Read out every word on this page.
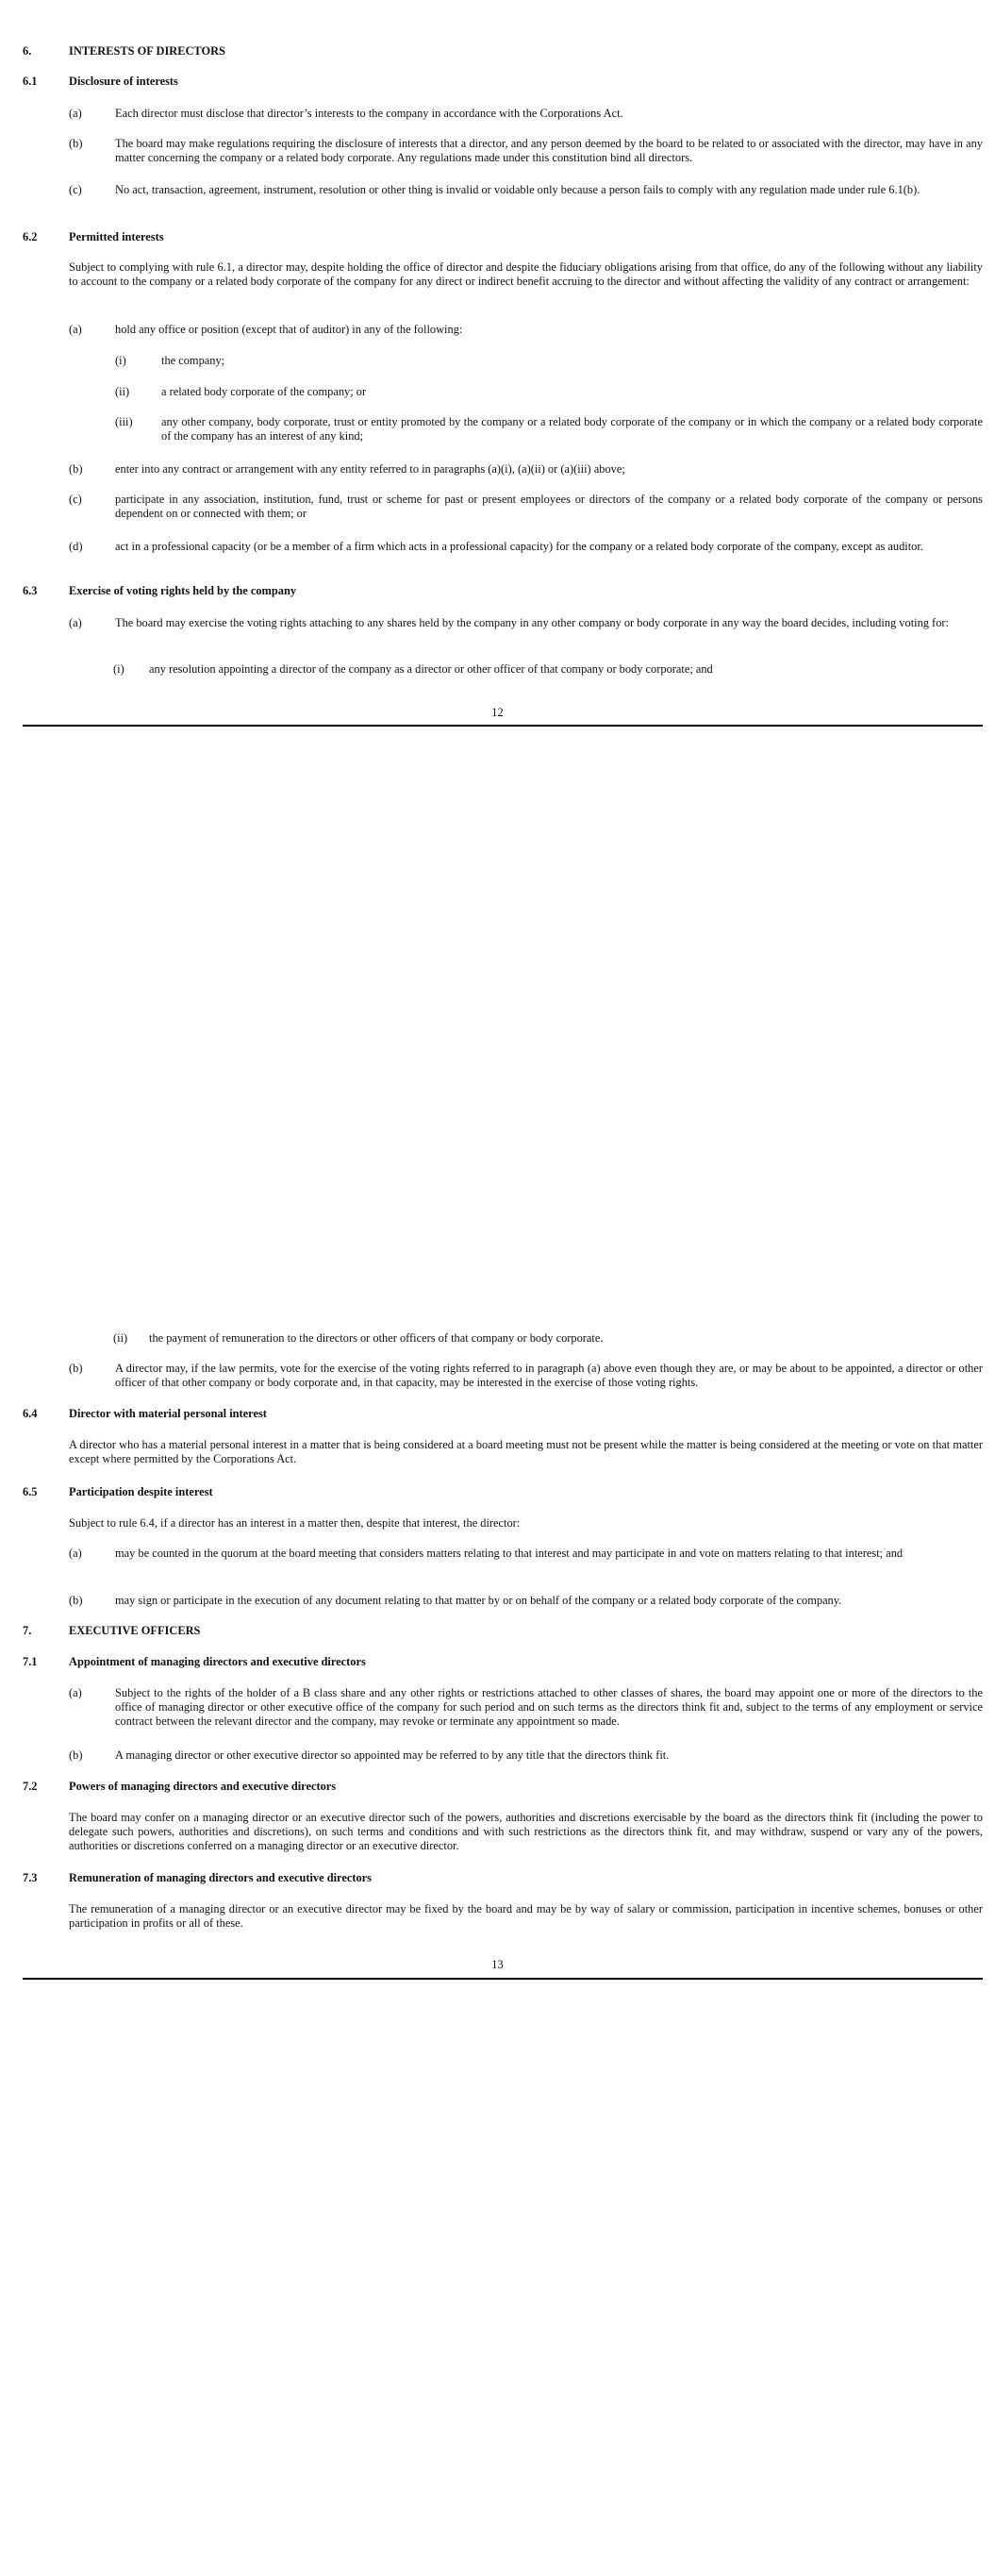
6.	INTERESTS OF DIRECTORS
6.1	Disclosure of interests
(a)	Each director must disclose that director’s interests to the company in accordance with the Corporations Act.
(b)	The board may make regulations requiring the disclosure of interests that a director, and any person deemed by the board to be related to or associated with the director, may have in any matter concerning the company or a related body corporate. Any regulations made under this constitution bind all directors.
(c)	No act, transaction, agreement, instrument, resolution or other thing is invalid or voidable only because a person fails to comply with any regulation made under rule 6.1(b).
6.2	Permitted interests
Subject to complying with rule 6.1, a director may, despite holding the office of director and despite the fiduciary obligations arising from that office, do any of the following without any liability to account to the company or a related body corporate of the company for any direct or indirect benefit accruing to the director and without affecting the validity of any contract or arrangement:
(a)	hold any office or position (except that of auditor) in any of the following:
(i)	the company;
(ii)	a related body corporate of the company; or
(iii) any other company, body corporate, trust or entity promoted by the company or a related body corporate of the company or in which the company or a related body corporate of the company has an interest of any kind;
(b)	enter into any contract or arrangement with any entity referred to in paragraphs (a)(i), (a)(ii) or (a)(iii) above;
(c)	participate in any association, institution, fund, trust or scheme for past or present employees or directors of the company or a related body corporate of the company or persons dependent on or connected with them; or
(d)	act in a professional capacity (or be a member of a firm which acts in a professional capacity) for the company or a related body corporate of the company, except as auditor.
6.3	Exercise of voting rights held by the company
(a)	The board may exercise the voting rights attaching to any shares held by the company in any other company or body corporate in any way the board decides, including voting for:
(i) any resolution appointing a director of the company as a director or other officer of that company or body corporate; and
12
(ii) the payment of remuneration to the directors or other officers of that company or body corporate.
(b)	A director may, if the law permits, vote for the exercise of the voting rights referred to in paragraph (a) above even though they are, or may be about to be appointed, a director or other officer of that other company or body corporate and, in that capacity, may be interested in the exercise of those voting rights.
6.4	Director with material personal interest
A director who has a material personal interest in a matter that is being considered at a board meeting must not be present while the matter is being considered at the meeting or vote on that matter except where permitted by the Corporations Act.
6.5	Participation despite interest
Subject to rule 6.4, if a director has an interest in a matter then, despite that interest, the director:
(a)	may be counted in the quorum at the board meeting that considers matters relating to that interest and may participate in and vote on matters relating to that interest; and
(b)	may sign or participate in the execution of any document relating to that matter by or on behalf of the company or a related body corporate of the company.
7.	EXECUTIVE OFFICERS
7.1	Appointment of managing directors and executive directors
(a)	Subject to the rights of the holder of a B class share and any other rights or restrictions attached to other classes of shares, the board may appoint one or more of the directors to the office of managing director or other executive office of the company for such period and on such terms as the directors think fit and, subject to the terms of any employment or service contract between the relevant director and the company, may revoke or terminate any appointment so made.
(b)	A managing director or other executive director so appointed may be referred to by any title that the directors think fit.
7.2	Powers of managing directors and executive directors
The board may confer on a managing director or an executive director such of the powers, authorities and discretions exercisable by the board as the directors think fit (including the power to delegate such powers, authorities and discretions), on such terms and conditions and with such restrictions as the directors think fit, and may withdraw, suspend or vary any of the powers, authorities or discretions conferred on a managing director or an executive director.
7.3	Remuneration of managing directors and executive directors
The remuneration of a managing director or an executive director may be fixed by the board and may be by way of salary or commission, participation in incentive schemes, bonuses or other participation in profits or all of these.
13
